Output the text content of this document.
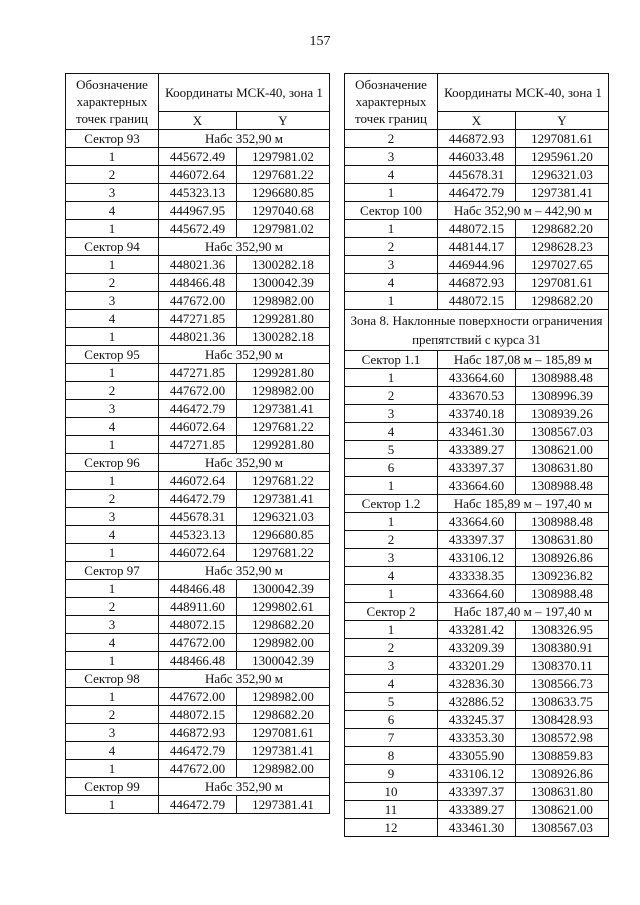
157
Обозначение характерных точек границ	Координаты МСК-40, зона 1	
	X	Y
Сектор 93	Набс 352,90 м	
1	445672.49	1297981.02
2	446072.64	1297681.22
3	445323.13	1296680.85
4	444967.95	1297040.68
1	445672.49	1297981.02
Сектор 94	Набс 352,90 м	
1	448021.36	1300282.18
2	448466.48	1300042.39
3	447672.00	1298982.00
4	447271.85	1299281.80
1	448021.36	1300282.18
Сектор 95	Набс 352,90 м	
1	447271.85	1299281.80
2	447672.00	1298982.00
3	446472.79	1297381.41
4	446072.64	1297681.22
1	447271.85	1299281.80
Сектор 96	Набс 352,90 м	
1	446072.64	1297681.22
2	446472.79	1297381.41
3	445678.31	1296321.03
4	445323.13	1296680.85
1	446072.64	1297681.22
Сектор 97	Набс 352,90 м	
1	448466.48	1300042.39
2	448911.60	1299802.61
3	448072.15	1298682.20
4	447672.00	1298982.00
1	448466.48	1300042.39
Сектор 98	Набс 352,90 м	
1	447672.00	1298982.00
2	448072.15	1298682.20
3	446872.93	1297081.61
4	446472.79	1297381.41
1	447672.00	1298982.00
Сектор 99	Набс 352,90 м	
1	446472.79	1297381.41
Обозначение характерных точек границ	Координаты МСК-40, зона 1	
	X	Y
2	446872.93	1297081.61
3	446033.48	1295961.20
4	445678.31	1296321.03
1	446472.79	1297381.41
Сектор 100	Набс 352,90 м – 442,90 м	
1	448072.15	1298682.20
2	448144.17	1298628.23
3	446944.96	1297027.65
4	446872.93	1297081.61
1	448072.15	1298682.20
Зона 8. Наклонные поверхности ограничения препятствий с курса 31		
Сектор 1.1	Набс 187,08 м – 185,89 м	
1	433664.60	1308988.48
2	433670.53	1308996.39
3	433740.18	1308939.26
4	433461.30	1308567.03
5	433389.27	1308621.00
6	433397.37	1308631.80
1	433664.60	1308988.48
Сектор 1.2	Набс 185,89 м – 197,40 м	
1	433664.60	1308988.48
2	433397.37	1308631.80
3	433106.12	1308926.86
4	433338.35	1309236.82
1	433664.60	1308988.48
Сектор 2	Набс 187,40 м – 197,40 м	
1	433281.42	1308326.95
2	433209.39	1308380.91
3	433201.29	1308370.11
4	432836.30	1308566.73
5	432886.52	1308633.75
6	433245.37	1308428.93
7	433353.30	1308572.98
8	433055.90	1308859.83
9	433106.12	1308926.86
10	433397.37	1308631.80
11	433389.27	1308621.00
12	433461.30	1308567.03
